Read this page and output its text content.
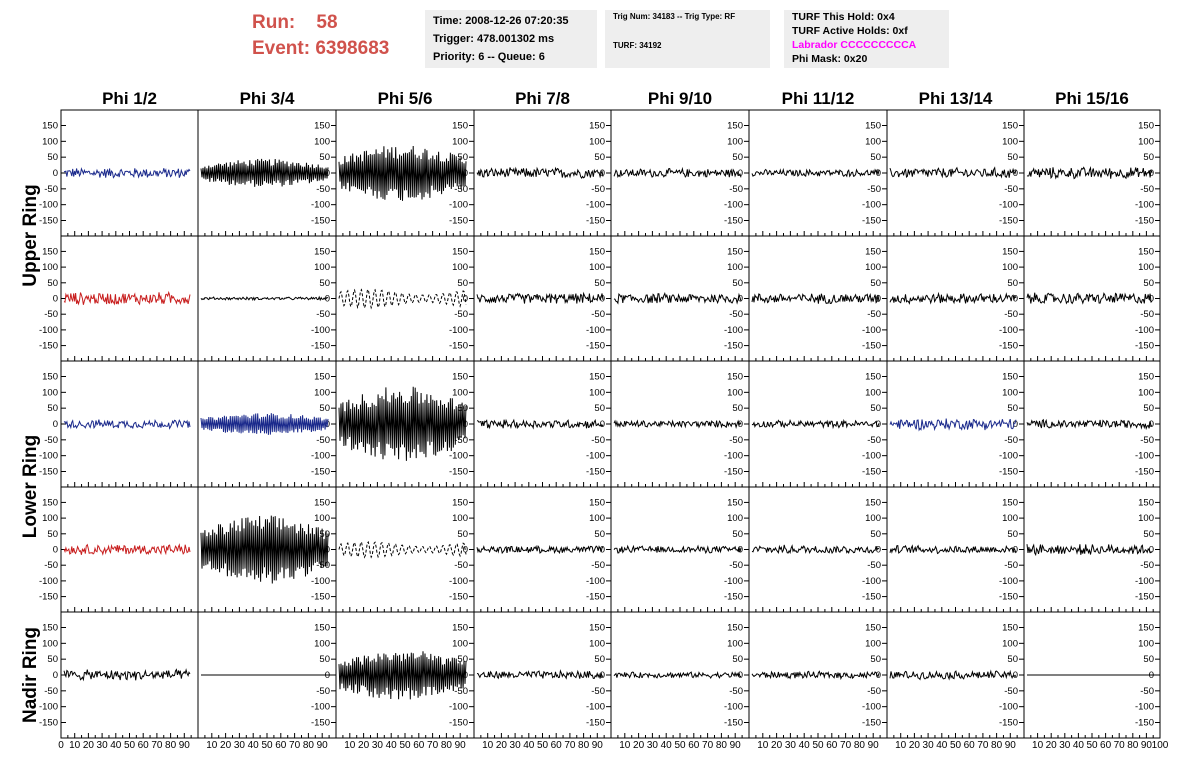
Run: 58
Event: 6398683
Time: 2008-12-26 07:20:35
Trigger: 478.001302 ms
Priority: 6 -- Queue: 6
Trig Num: 34183 -- Trig Type: RF
TURF: 34192
TURF This Hold: 0x4
TURF Active Holds: 0xf
Labrador CCCCCCCCCA
Phi Mask: 0x20
Phi 1/2	Phi 3/4	Phi 5/6	Phi 7/8	Phi 9/10	Phi 11/12	Phi 13/14	Phi 15/16
Upper Ring
Lower Ring
Nadir Ring
-150
-100
-50
0
50
100
150
-150
-100
-50
0
50
100
150
-150
-100
-50
0
50
100
150
-150
-100
-50
0
50
100
150
-150
-100
-50
0
50
100
150
-150
-100
-50
0
50
100
150
-150
-100
-50
0
50
100
150
-150
-100
-50
0
50
100
150
-150
-100
-50
0
50
100
150
-150
-100
-50
0
50
100
150
-150
-100
-50
0
50
100
150
-150
-100
-50
0
50
100
150
-150
-100
-50
0
50
100
150
-150
-100
-50
0
50
100
150
-150
-100
-50
0
50
100
150
-150
-100
-50
0
50
100
150
-150
-100
-50
0
50
100
150
-150
-100
-50
0
50
100
150
-150
-100
-50
0
50
100
150
-150
-100
-50
0
50
100
150
-150
-100
-50
0
50
100
150
-150
-100
-50
0
50
100
150
-150
-100
-50
0
50
100
150
-150
-100
-50
0
50
100
150
-150
-100
-50
0
50
100
150
-150
-100
-50
0
50
100
150
-150
-100
-50
0
50
100
150
-150
-100
-50
0
50
100
150
-150
-100
-50
0
50
100
150
-150
-100
-50
0
50
100
150
-150
-100
-50
0
50
100
150
-150
-100
-50
0
50
100
150
-150
-100
-50
0
50
100
150
-150
-100
-50
0
50
100
150
-150
-100
-50
0
50
100
150
-150
-100
-50
0
50
100
150
-150
-100
-50
0
50
100
150
-150
-100
-50
0
50
100
150
-150
-100
-50
0
50
100
150
-150
-100
-50
0
50
100
150
0 10 20 30 40 50 60 70 80 90 10 20 30 40 50 60 70 80 90 10 20 30 40 50 60 70 80 90 10 20 30 40 50 60 70 80 90 10 20 30 40 50 60 70 80 90 10 20 30 40 50 60 70 80 90 10 20 30 40 50 60 70 80 90 10 20 30 40 50 60 70 80 90 100
